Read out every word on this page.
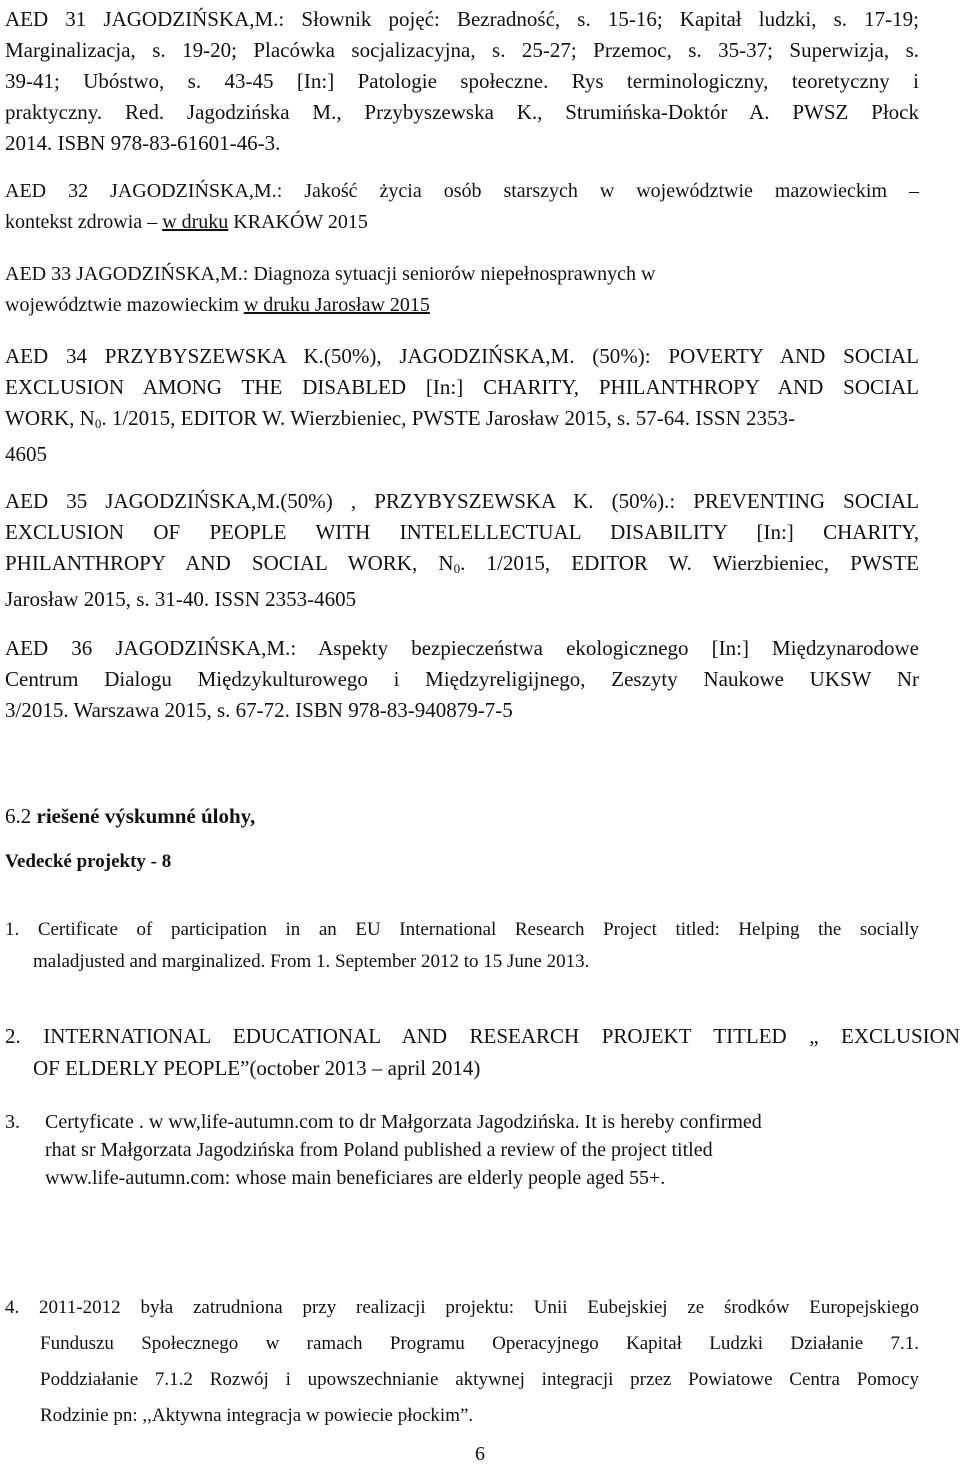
AED 31 JAGODZIŃSKA,M.: Słownik pojęć: Bezradność, s. 15-16; Kapitał ludzki, s. 17-19;
Marginalizacja, s. 19-20; Placówka socjalizacyjna, s. 25-27; Przemoc, s. 35-37; Superwizja, s.
39-41; Ubóstwo, s. 43-45 [In:] Patologie społeczne. Rys terminologiczny, teoretyczny i
praktyczny. Red. Jagodzińska M., Przybyszewska K., Strumińska-Doktór A. PWSZ Płock
2014. ISBN 978-83-61601-46-3.
AED 32 JAGODZIŃSKA,M.: Jakość życia osób starszych w województwie mazowieckim –
kontekst zdrowia – w druku KRAKÓW 2015
AED 33 JAGODZIŃSKA,M.: Diagnoza sytuacji seniorów niepełnosprawnych w
województwie mazowieckim w druku Jarosław 2015
AED 34 PRZYBYSZEWSKA K.(50%), JAGODZIŃSKA,M. (50%): POVERTY AND SOCIAL
EXCLUSION AMONG THE DISABLED [In:] CHARITY, PHILANTHROPY AND SOCIAL
WORK, $N_0$. 1/2015, EDITOR W. Wierzbieniec, PWSTE Jarosław 2015, s. 57-64. ISSN 2353-
4605
AED 35 JAGODZIŃSKA,M.(50%) , PRZYBYSZEWSKA K. (50%).: PREVENTING SOCIAL
EXCLUSION OF PEOPLE WITH INTELELLECTUAL DISABILITY [In:] CHARITY,
PHILANTHROPY AND SOCIAL WORK, $N_0$. 1/2015, EDITOR W. Wierzbieniec, PWSTE
Jarosław 2015, s. 31-40. ISSN 2353-4605
AED 36 JAGODZIŃSKA,M.: Aspekty bezpieczeństwa ekologicznego [In:] Międzynarodowe
Centrum Dialogu Międzykulturowego i Międzyreligijnego, Zeszyty Naukowe UKSW Nr
3/2015. Warszawa 2015, s. 67-72. ISBN 978-83-940879-7-5
6.2 riešené výskumné úlohy,
Vedecké projekty - 8
1. Certificate of participation in an EU International Research Project titled: Helping the socially
maladjusted and marginalized. From 1. September 2012 to 15 June 2013.
2. INTERNATIONAL EDUCATIONAL AND RESEARCH PROJEKT TITLED „ EXCLUSION
OF ELDERLY PEOPLE”(october 2013 – april 2014)
3. Certyficate . w ww,life-autumn.com to dr Małgorzata Jagodzińska. It is hereby confirmed
rhat sr Małgorzata Jagodzińska from Poland published a review of the project titled
www.life-autumn.com: whose main beneficiares are elderly people aged 55+.
4. 2011-2012 była zatrudniona przy realizacji projektu: Unii Eubejskiej ze środków Europejskiego
Funduszu Społecznego w ramach Programu Operacyjnego Kapitał Ludzki Działanie 7.1.
Poddziałanie 7.1.2 Rozwój i upowszechnianie aktywnej integracji przez Powiatowe Centra Pomocy
Rodzinie pn: ,,Aktywna integracja w powiecie płockim”.
6
